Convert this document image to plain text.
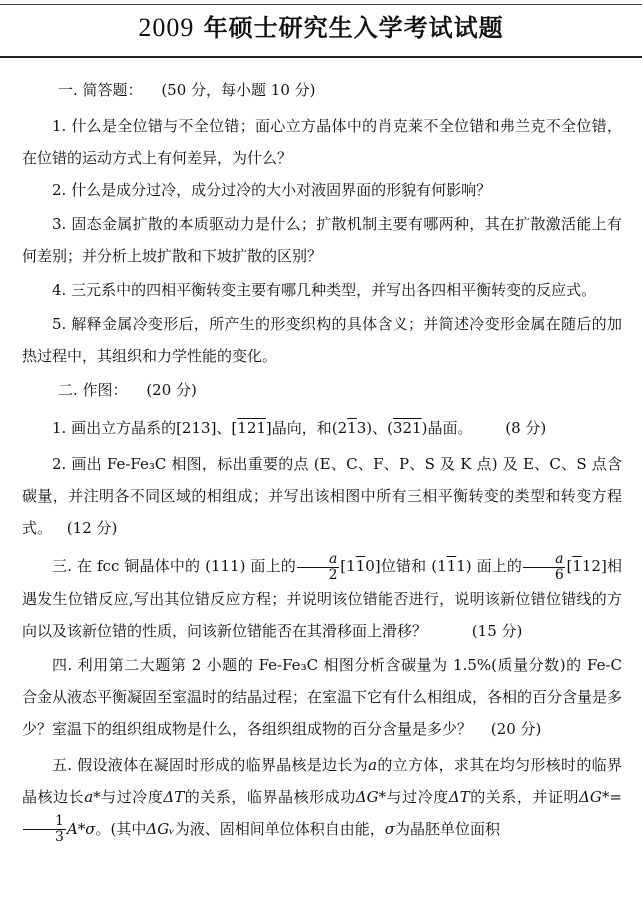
2009 年硕士研究生入学考试试题

一. 简答题： (50 分，每小题 10 分)

1. 什么是全位错与不全位错；面心立方晶体中的肖克莱不全位错和弗兰克不全位错，在位错的运动方式上有何差异，为什么？

2. 什么是成分过冷，成分过冷的大小对液固界面的形貌有何影响？

3. 固态金属扩散的本质驱动力是什么；扩散机制主要有哪两种，其在扩散激活能上有何差别；并分析上坡扩散和下坡扩散的区别？

4. 三元系中的四相平衡转变主要有哪几种类型，并写出各四相平衡转变的反应式。

5. 解释金属冷变形后，所产生的形变织构的具体含义；并简述冷变形金属在随后的加热过程中，其组织和力学性能的变化。

二. 作图： (20 分)

1. 画出立方晶系的[213]、[121]晶向，和(213)、(321)晶面。 (8 分)

2. 画出 Fe-Fe₃C 相图，标出重要的点 (E、C、F、P、S 及 K 点) 及 E、C、S 点含碳量，并注明各不同区域的相组成；并写出该相图中所有三相平衡转变的类型和转变方程式。 (12 分)

三. 在 fcc 铜晶体中的 (111) 面上的 $\frac{a}{2} [110]$位错和 (111) 面上的 $\frac{a}{6} [112]$相遇发生位错反应,写出其位错反应方程；并说明该位错能否进行，说明该新位错位错线的方向以及该新位错的性质，问该新位错能否在其滑移面上滑移？	(15 分)

四. 利用第二大题第 2 小题的 Fe-Fe₃C 相图分析含碳量为 1.5%(质量分数)的 Fe-C 合金从液态平衡凝固至室温时的结晶过程；在室温下它有什么相组成，各相的百分含量是多少？室温下的组织组成物是什么，各组织组成物的百分含量是多少？ (20 分)

五. 假设液体在凝固时形成的临界晶核是边长为a的立方体，求其在均匀形核时的临界晶核边长a*与过冷度ΔT的关系，临界晶核形成功ΔG*与过冷度ΔT的关系，并证明ΔG*=
$\frac{1}{3} A*\sigma$。(其中ΔGᵥ为液、固相间单位体积自由能，σ为晶胚单位面积
